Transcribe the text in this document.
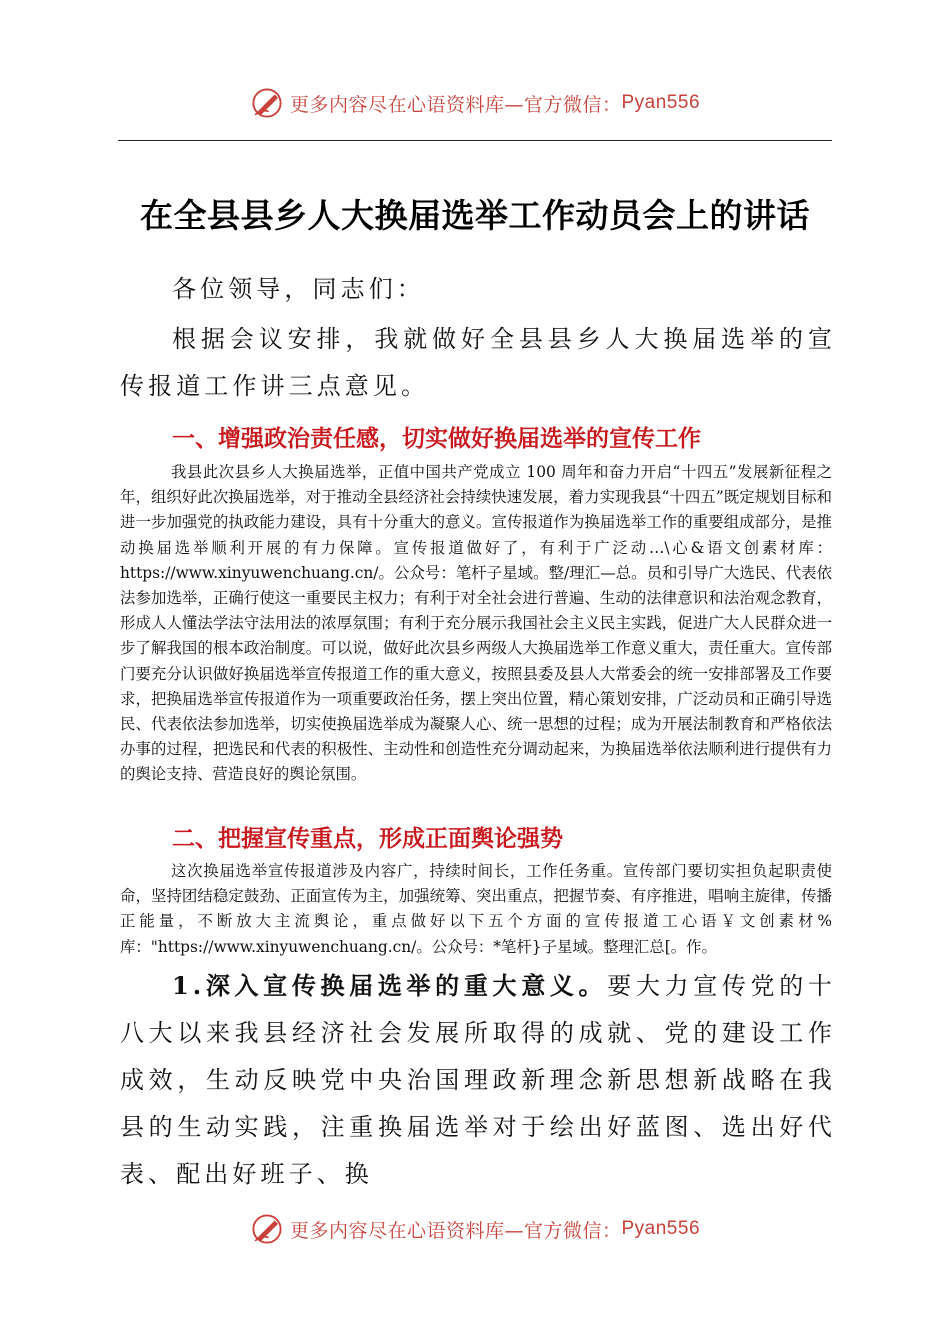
更多内容尽在心语资料库—官方微信： Pyan556
在全县县乡人大换届选举工作动员会上的讲话

各位领导，同志们：

根据会议安排，我就做好全县县乡人大换届选举的宣传报道工作讲三点意见。

一、增强政治责任感，切实做好换届选举的宣传工作

我县此次县乡人大换届选举，正值中国共产党成立 100 周年和奋力开启“十四五”发展新征程之年，组织好此次换届选举，对于推动全县经济社会持续快速发展，着力实现我县“十四五”既定规划目标和进一步加强党的执政能力建设，具有十分重大的意义。宣传报道作为换届选举工作的重要组成部分，是推动换届选举顺利开展的有力保障。宣传报道做好了，有利于广泛动…\心&语文创素材库：https://www.xinyuwenchuang.cn/。公众号：笔杆子星域。整/理汇—总。员和引导广大选民、代表依法参加选举，正确行使这一重要民主权力；有利于对全社会进行普遍、生动的法律意识和法治观念教育，形成人人懂法学法守法用法的浓厚氛围；有利于充分展示我国社会主义民主实践，促进广大人民群众进一步了解我国的根本政治制度。可以说，做好此次县乡两级人大换届选举工作意义重大，责任重大。宣传部门要充分认识做好换届选举宣传报道工作的重大意义，按照县委及县人大常委会的统一安排部署及工作要求，把换届选举宣传报道作为一项重要政治任务，摆上突出位置，精心策划安排，广泛动员和正确引导选民、代表依法参加选举，切实使换届选举成为凝聚人心、统一思想的过程；成为开展法制教育和严格依法办事的过程，把选民和代表的积极性、主动性和创造性充分调动起来，为换届选举依法顺利进行提供有力的舆论支持、营造良好的舆论氛围。

二、把握宣传重点，形成正面舆论强势

这次换届选举宣传报道涉及内容广，持续时间长，工作任务重。宣传部门要切实担负起职责使命，坚持团结稳定鼓劲、正面宣传为主，加强统筹、突出重点，把握节奏、有序推进，唱响主旋律，传播正能量，不断放大主流舆论，重点做好以下五个方面的宣传报道工心语￥文创素材%库："https://www.xinyuwenchuang.cn/。公众号：*笔杆}子星域。整理汇总[。作。

1.深入宣传换届选举的重大意义。要大力宣传党的十八大以来我县经济社会发展所取得的成就、党的建设工作成效，生动反映党中央治国理政新理念新思想新战略在我县的生动实践，注重换届选举对于绘出好蓝图、选出好代表、配出好班子、换

更多内容尽在心语资料库—官方微信： Pyan556
